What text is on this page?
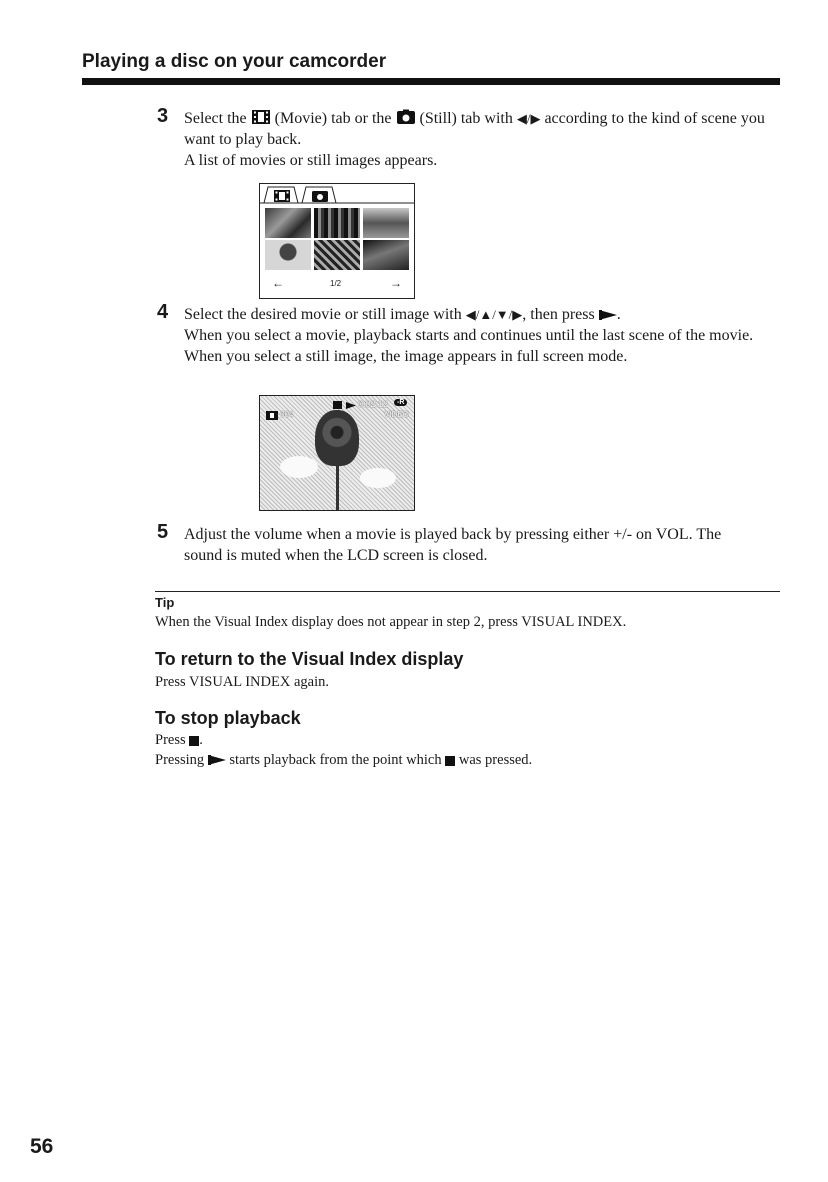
Playing a disc on your camcorder
3 Select the (Movie) tab or the (Still) tab with ◀/▶ according to the kind of scene you want to play back.
A list of movies or still images appears.

←	1/2	→
4 Select the desired movie or still image with ◀/▲/▼/▶, then press .
When you select a movie, playback starts and continues until the last scene of the movie. When you select a still image, the image appears in full screen mode.

0:02:12	-R
004	VIDEO
5 Adjust the volume when a movie is played back by pressing either +/- on VOL. The sound is muted when the LCD screen is closed.

Tip

When the Visual Index display does not appear in step 2, press VISUAL INDEX.

To return to the Visual Index display

Press VISUAL INDEX again.

To stop playback

Press .

Pressing starts playback from the point which was pressed.

56
